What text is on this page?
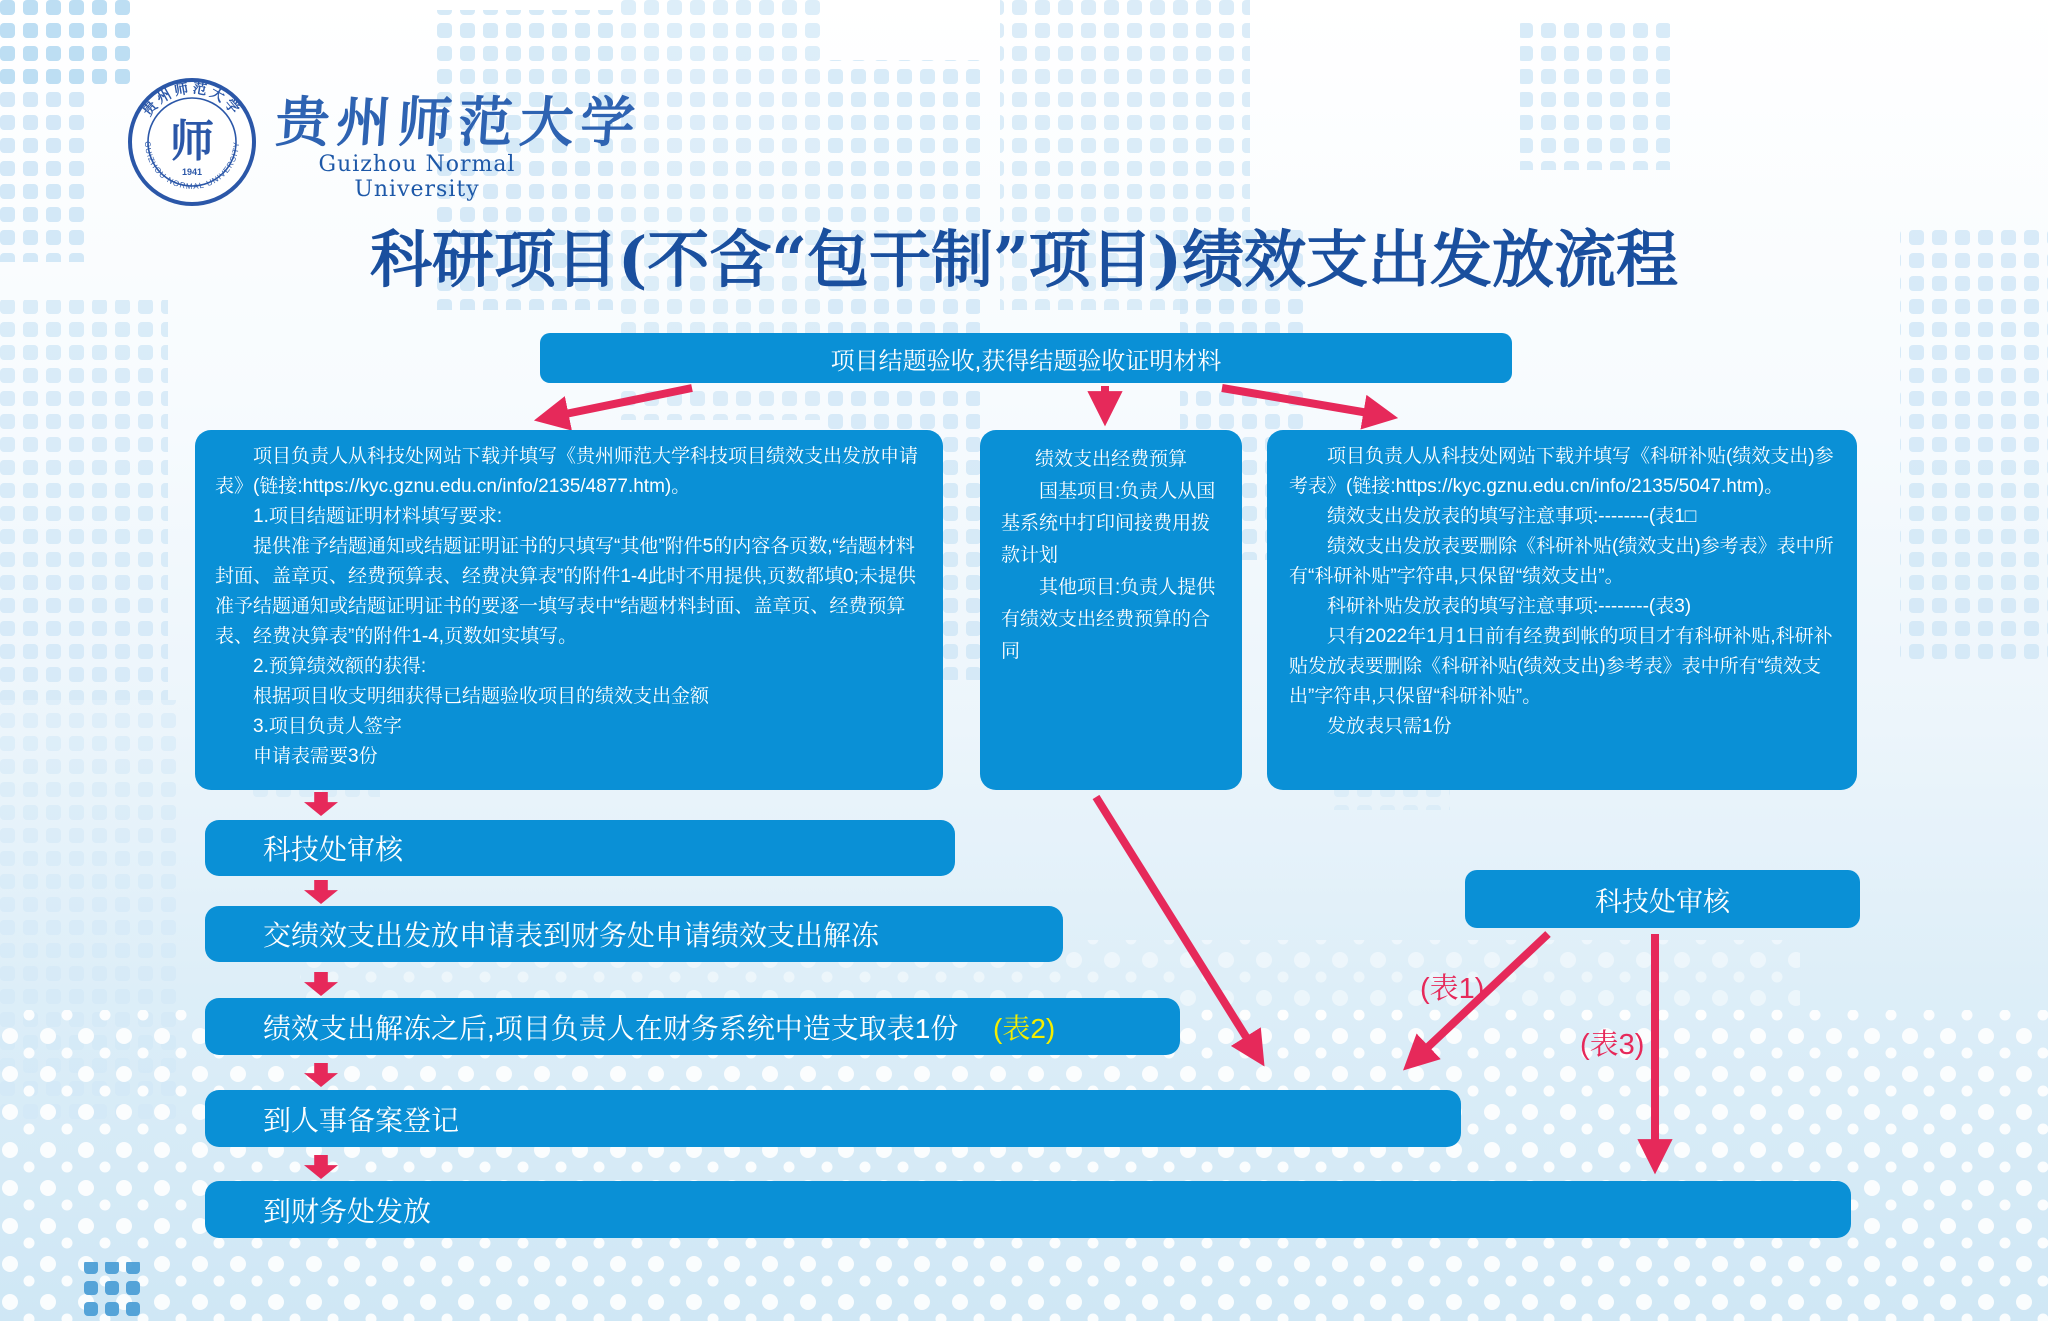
贵州师范大学
GUIZHOU NORMAL UNIVERSITY
师
1941
贵州师范大学
Guizhou Normal University
科研项目(不含“包干制”项目)绩效支出发放流程
项目结题验收,获得结题验收证明材料

项目负责人从科技处网站下载并填写《贵州师范大学科技项目绩效支出发放申请表》(链接:https://kyc.gznu.edu.cn/info/2135/4877.htm)。

1.项目结题证明材料填写要求:

提供准予结题通知或结题证明证书的只填写“其他”附件5的内容各页数,“结题材料封面、盖章页、经费预算表、经费决算表”的附件1-4此时不用提供,页数都填0;未提供准予结题通知或结题证明证书的要逐一填写表中“结题材料封面、盖章页、经费预算表、经费决算表”的附件1-4,页数如实填写。

2.预算绩效额的获得:

根据项目收支明细获得已结题验收项目的绩效支出金额

3.项目负责人签字

申请表需要3份

绩效支出经费预算

国基项目:负责人从国基系统中打印间接费用拨款计划

其他项目:负责人提供有绩效支出经费预算的合同

项目负责人从科技处网站下载并填写《科研补贴(绩效支出)参考表》(链接:https://kyc.gznu.edu.cn/info/2135/5047.htm)。

绩效支出发放表的填写注意事项:--------(表1□

绩效支出发放表要删除《科研补贴(绩效支出)参考表》表中所有“科研补贴”字符串,只保留“绩效支出”。

科研补贴发放表的填写注意事项:--------(表3)

只有2022年1月1日前有经费到帐的项目才有科研补贴,科研补贴发放表要删除《科研补贴(绩效支出)参考表》表中所有“绩效支出”字符串,只保留“科研补贴”。

发放表只需1份

科技处审核
交绩效支出发放申请表到财务处申请绩效支出解冻
绩效支出解冻之后,项目负责人在财务系统中造支取表1份 (表2)
到人事备案登记
到财务处发放
科技处审核
(表1)
(表3)
